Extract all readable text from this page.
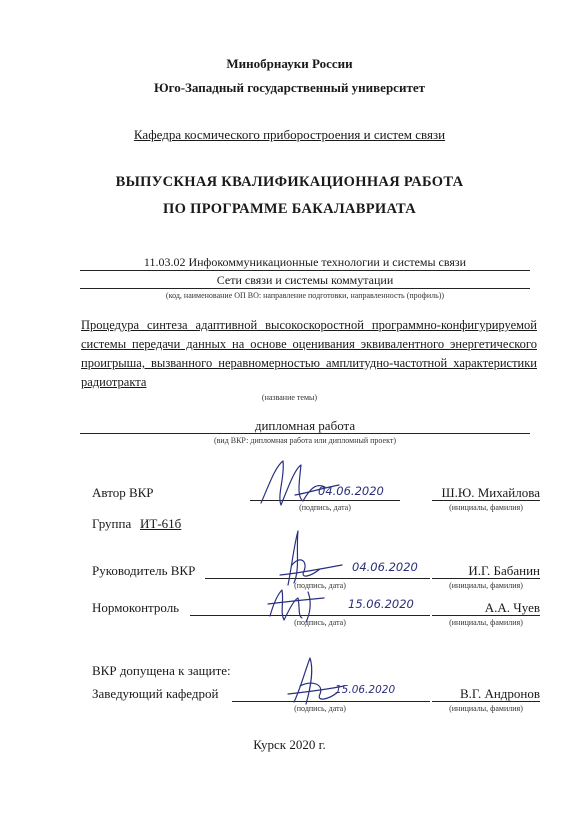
Минобрнауки России
Юго-Западный государственный университет
Кафедра космического приборостроения и систем связи
ВЫПУСКНАЯ КВАЛИФИКАЦИОННАЯ РАБОТА
ПО ПРОГРАММЕ БАКАЛАВРИАТА
11.03.02 Инфокоммуникационные технологии и системы связи
Сети связи и системы коммутации
(код, наименование ОП ВО: направление подготовки, направленность (профиль))
Процедура синтеза адаптивной высокоскоростной программно-конфигурируемой системы передачи данных на основе оценивания эквивалентного энергетического проигрыша, вызванного неравномерностью амплитудно-частотной характеристики радиотракта
(название темы)
дипломная работа
(вид ВКР: дипломная работа или дипломный проект)
Автор ВКР	04.06.2020
(подпись, дата)
Ш.Ю. Михайлова
(инициалы, фамилия)
Группа ИТ-61б
Руководитель ВКР	04.06.2020
(подпись, дата)
И.Г. Бабанин
(инициалы, фамилия)
Нормоконтроль	15.06.2020
(подпись, дата)
А.А. Чуев
(инициалы, фамилия)
ВКР допущена к защите:
Заведующий кафедрой	15.06.2020
(подпись, дата)
В.Г. Андронов
(инициалы, фамилия)
Курск 2020 г.
